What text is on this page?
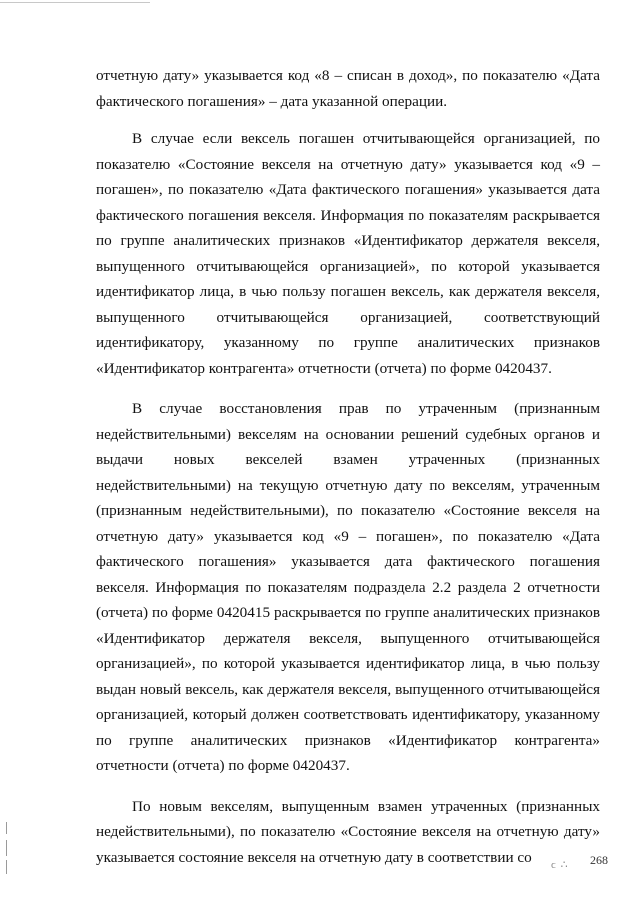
отчетную дату» указывается код «8 – списан в доход», по показателю «Дата фактического погашения» – дата указанной операции.

В случае если вексель погашен отчитывающейся организацией, по показателю «Состояние векселя на отчетную дату» указывается код «9 – погашен», по показателю «Дата фактического погашения» указывается дата фактического погашения векселя. Информация по показателям раскрывается по группе аналитических признаков «Идентификатор держателя векселя, выпущенного отчитывающейся организацией», по которой указывается идентификатор лица, в чью пользу погашен вексель, как держателя векселя, выпущенного отчитывающейся организацией, соответствующий идентификатору, указанному по группе аналитических признаков «Идентификатор контрагента» отчетности (отчета) по форме 0420437.

В случае восстановления прав по утраченным (признанным недействительными) векселям на основании решений судебных органов и выдачи новых векселей взамен утраченных (признанных недействительными) на текущую отчетную дату по векселям, утраченным (признанным недействительными), по показателю «Состояние векселя на отчетную дату» указывается код «9 – погашен», по показателю «Дата фактического погашения» указывается дата фактического погашения векселя. Информация по показателям подраздела 2.2 раздела 2 отчетности (отчета) по форме 0420415 раскрывается по группе аналитических признаков «Идентификатор держателя векселя, выпущенного отчитывающейся организацией», по которой указывается идентификатор лица, в чью пользу выдан новый вексель, как держателя векселя, выпущенного отчитывающейся организацией, который должен соответствовать идентификатору, указанному по группе аналитических признаков «Идентификатор контрагента» отчетности (отчета) по форме 0420437.

По новым векселям, выпущенным взамен утраченных (признанных недействительными), по показателю «Состояние векселя на отчетную дату» указывается состояние векселя на отчетную дату в соответствии со	ϲ ∴ 268
